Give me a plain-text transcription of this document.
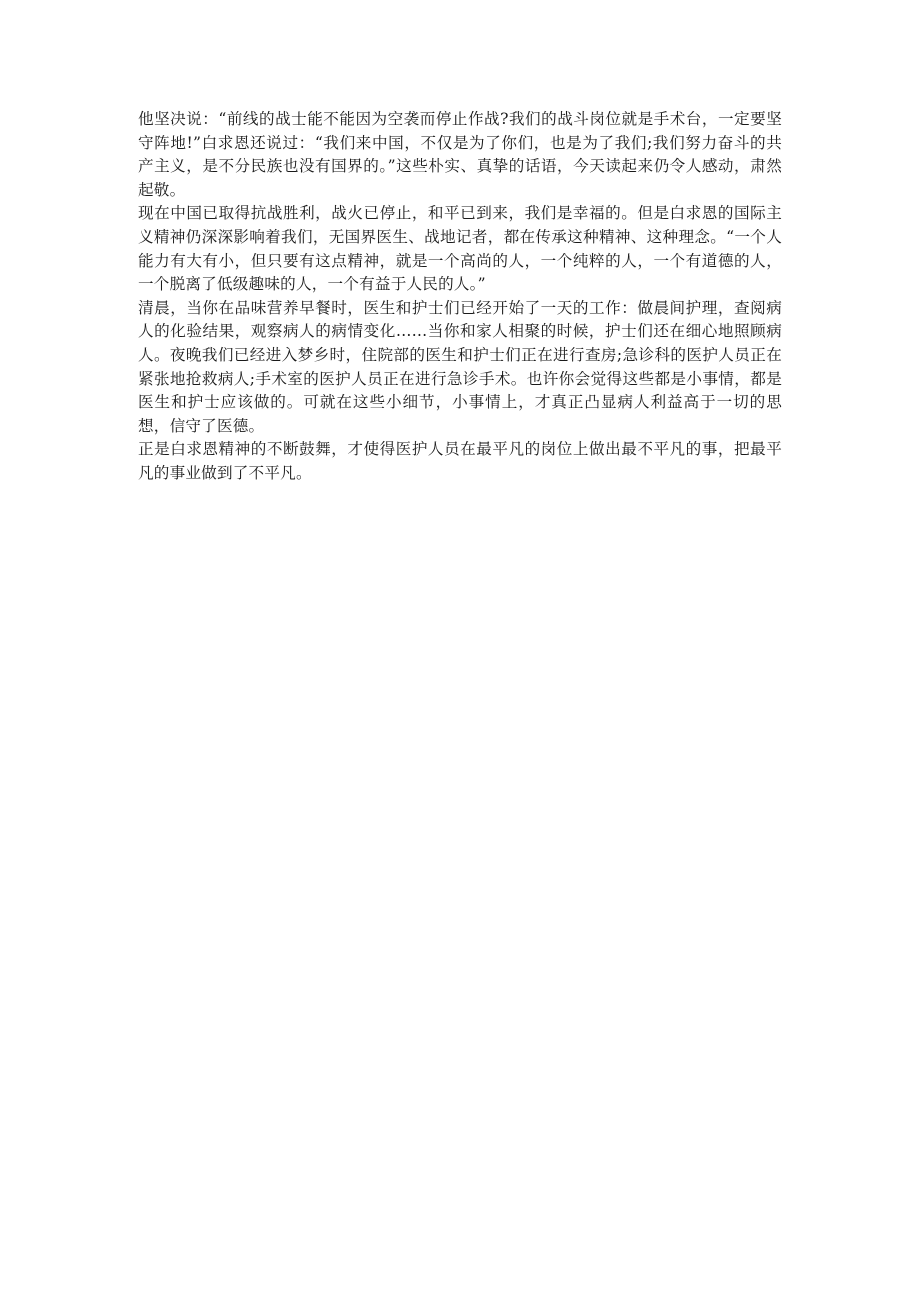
他坚决说：“前线的战士能不能因为空袭而停止作战?我们的战斗岗位就是手术台，一定要坚守阵地!”白求恩还说过：“我们来中国，不仅是为了你们，也是为了我们;我们努力奋斗的共产主义，是不分民族也没有国界的。”这些朴实、真挚的话语，今天读起来仍令人感动，肃然起敬。

现在中国已取得抗战胜利，战火已停止，和平已到来，我们是幸福的。但是白求恩的国际主义精神仍深深影响着我们，无国界医生、战地记者，都在传承这种精神、这种理念。“一个人能力有大有小，但只要有这点精神，就是一个高尚的人，一个纯粹的人，一个有道德的人，一个脱离了低级趣味的人，一个有益于人民的人。”

清晨，当你在品味营养早餐时，医生和护士们已经开始了一天的工作：做晨间护理，查阅病人的化验结果，观察病人的病情变化……当你和家人相聚的时候，护士们还在细心地照顾病人。夜晚我们已经进入梦乡时，住院部的医生和护士们正在进行查房;急诊科的医护人员正在紧张地抢救病人;手术室的医护人员正在进行急诊手术。也许你会觉得这些都是小事情，都是医生和护士应该做的。可就在这些小细节，小事情上，才真正凸显病人利益高于一切的思想，信守了医德。

正是白求恩精神的不断鼓舞，才使得医护人员在最平凡的岗位上做出最不平凡的事，把最平凡的事业做到了不平凡。
